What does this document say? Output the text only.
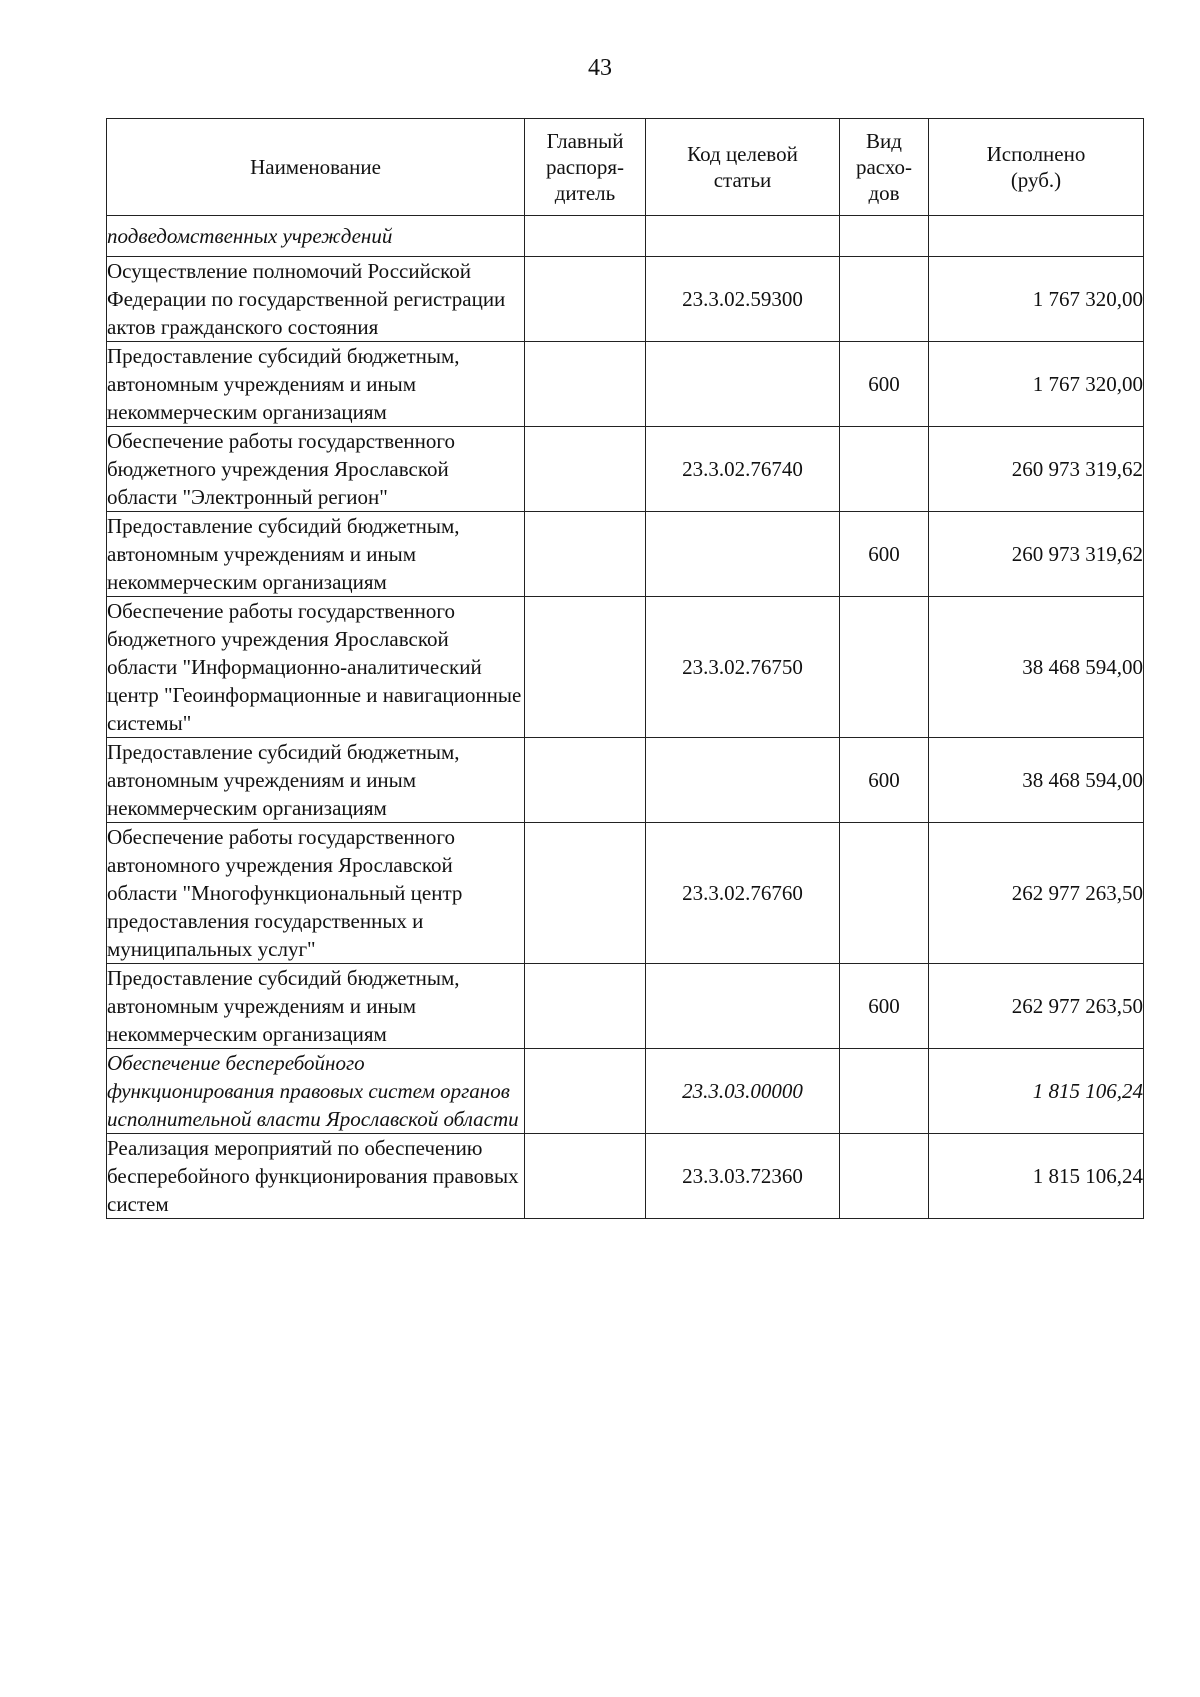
43
Наименование	Главный распоря-дитель	Код целевой статьи	Вид расхо-дов	Исполнено (руб.)
подведомственных учреждений				
Осуществление полномочий Российской Федерации по государственной регистрации актов гражданского состояния		23.3.02.59300		1 767 320,00
Предоставление субсидий бюджетным, автономным учреждениям и иным некоммерческим организациям			600	1 767 320,00
Обеспечение работы государственного бюджетного учреждения Ярославской области "Электронный регион"		23.3.02.76740		260 973 319,62
Предоставление субсидий бюджетным, автономным учреждениям и иным некоммерческим организациям			600	260 973 319,62
Обеспечение работы государственного бюджетного учреждения Ярославской области "Информационно-аналитический центр "Геоинформационные и навигационные системы"		23.3.02.76750		38 468 594,00
Предоставление субсидий бюджетным, автономным учреждениям и иным некоммерческим организациям			600	38 468 594,00
Обеспечение работы государственного автономного учреждения Ярославской области "Многофункциональный центр предоставления государственных и муниципальных услуг"		23.3.02.76760		262 977 263,50
Предоставление субсидий бюджетным, автономным учреждениям и иным некоммерческим организациям			600	262 977 263,50
Обеспечение бесперебойного функционирования правовых систем органов исполнительной власти Ярославской области		23.3.03.00000		1 815 106,24
Реализация мероприятий по обеспечению бесперебойного функционирования правовых систем		23.3.03.72360		1 815 106,24
